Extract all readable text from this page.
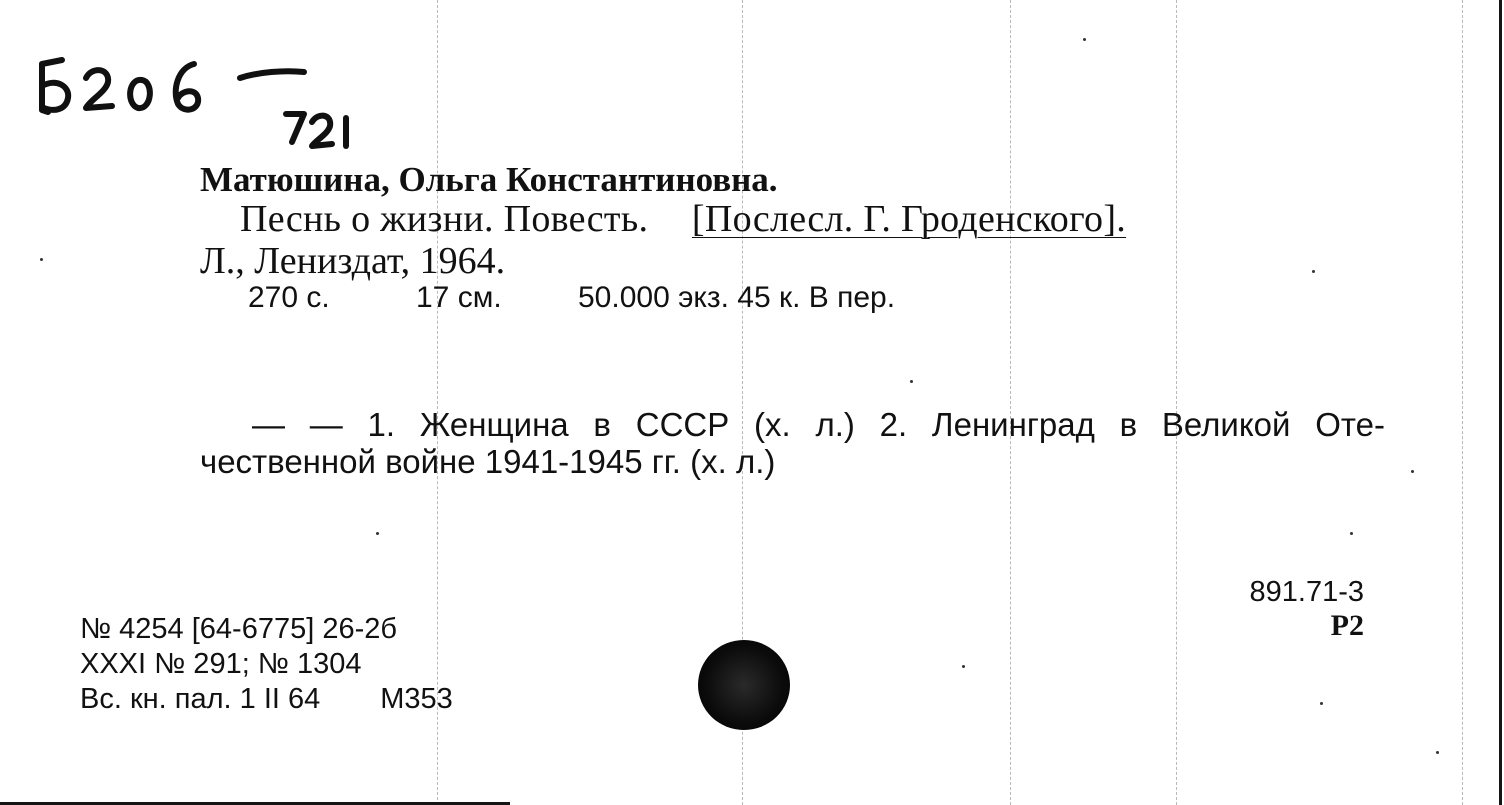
Матюшина, Ольга Константиновна.
Песнь о жизни. Повесть. [Послесл. Г. Гроденского].
Л., Лениздат, 1964.
270 с.	17 см.	50.000 экз. 45 к. В пер.
— — 1. Женщина в СССР (х. л.) 2. Ленинград в Великой Оте-
чественной войне 1941-1945 гг. (х. л.)
891.71-3
Р2
№ 4254 [64-6775] 26-2б
XXXI № 291; № 1304
Вс. кн. пал. 1 II 64 М353
